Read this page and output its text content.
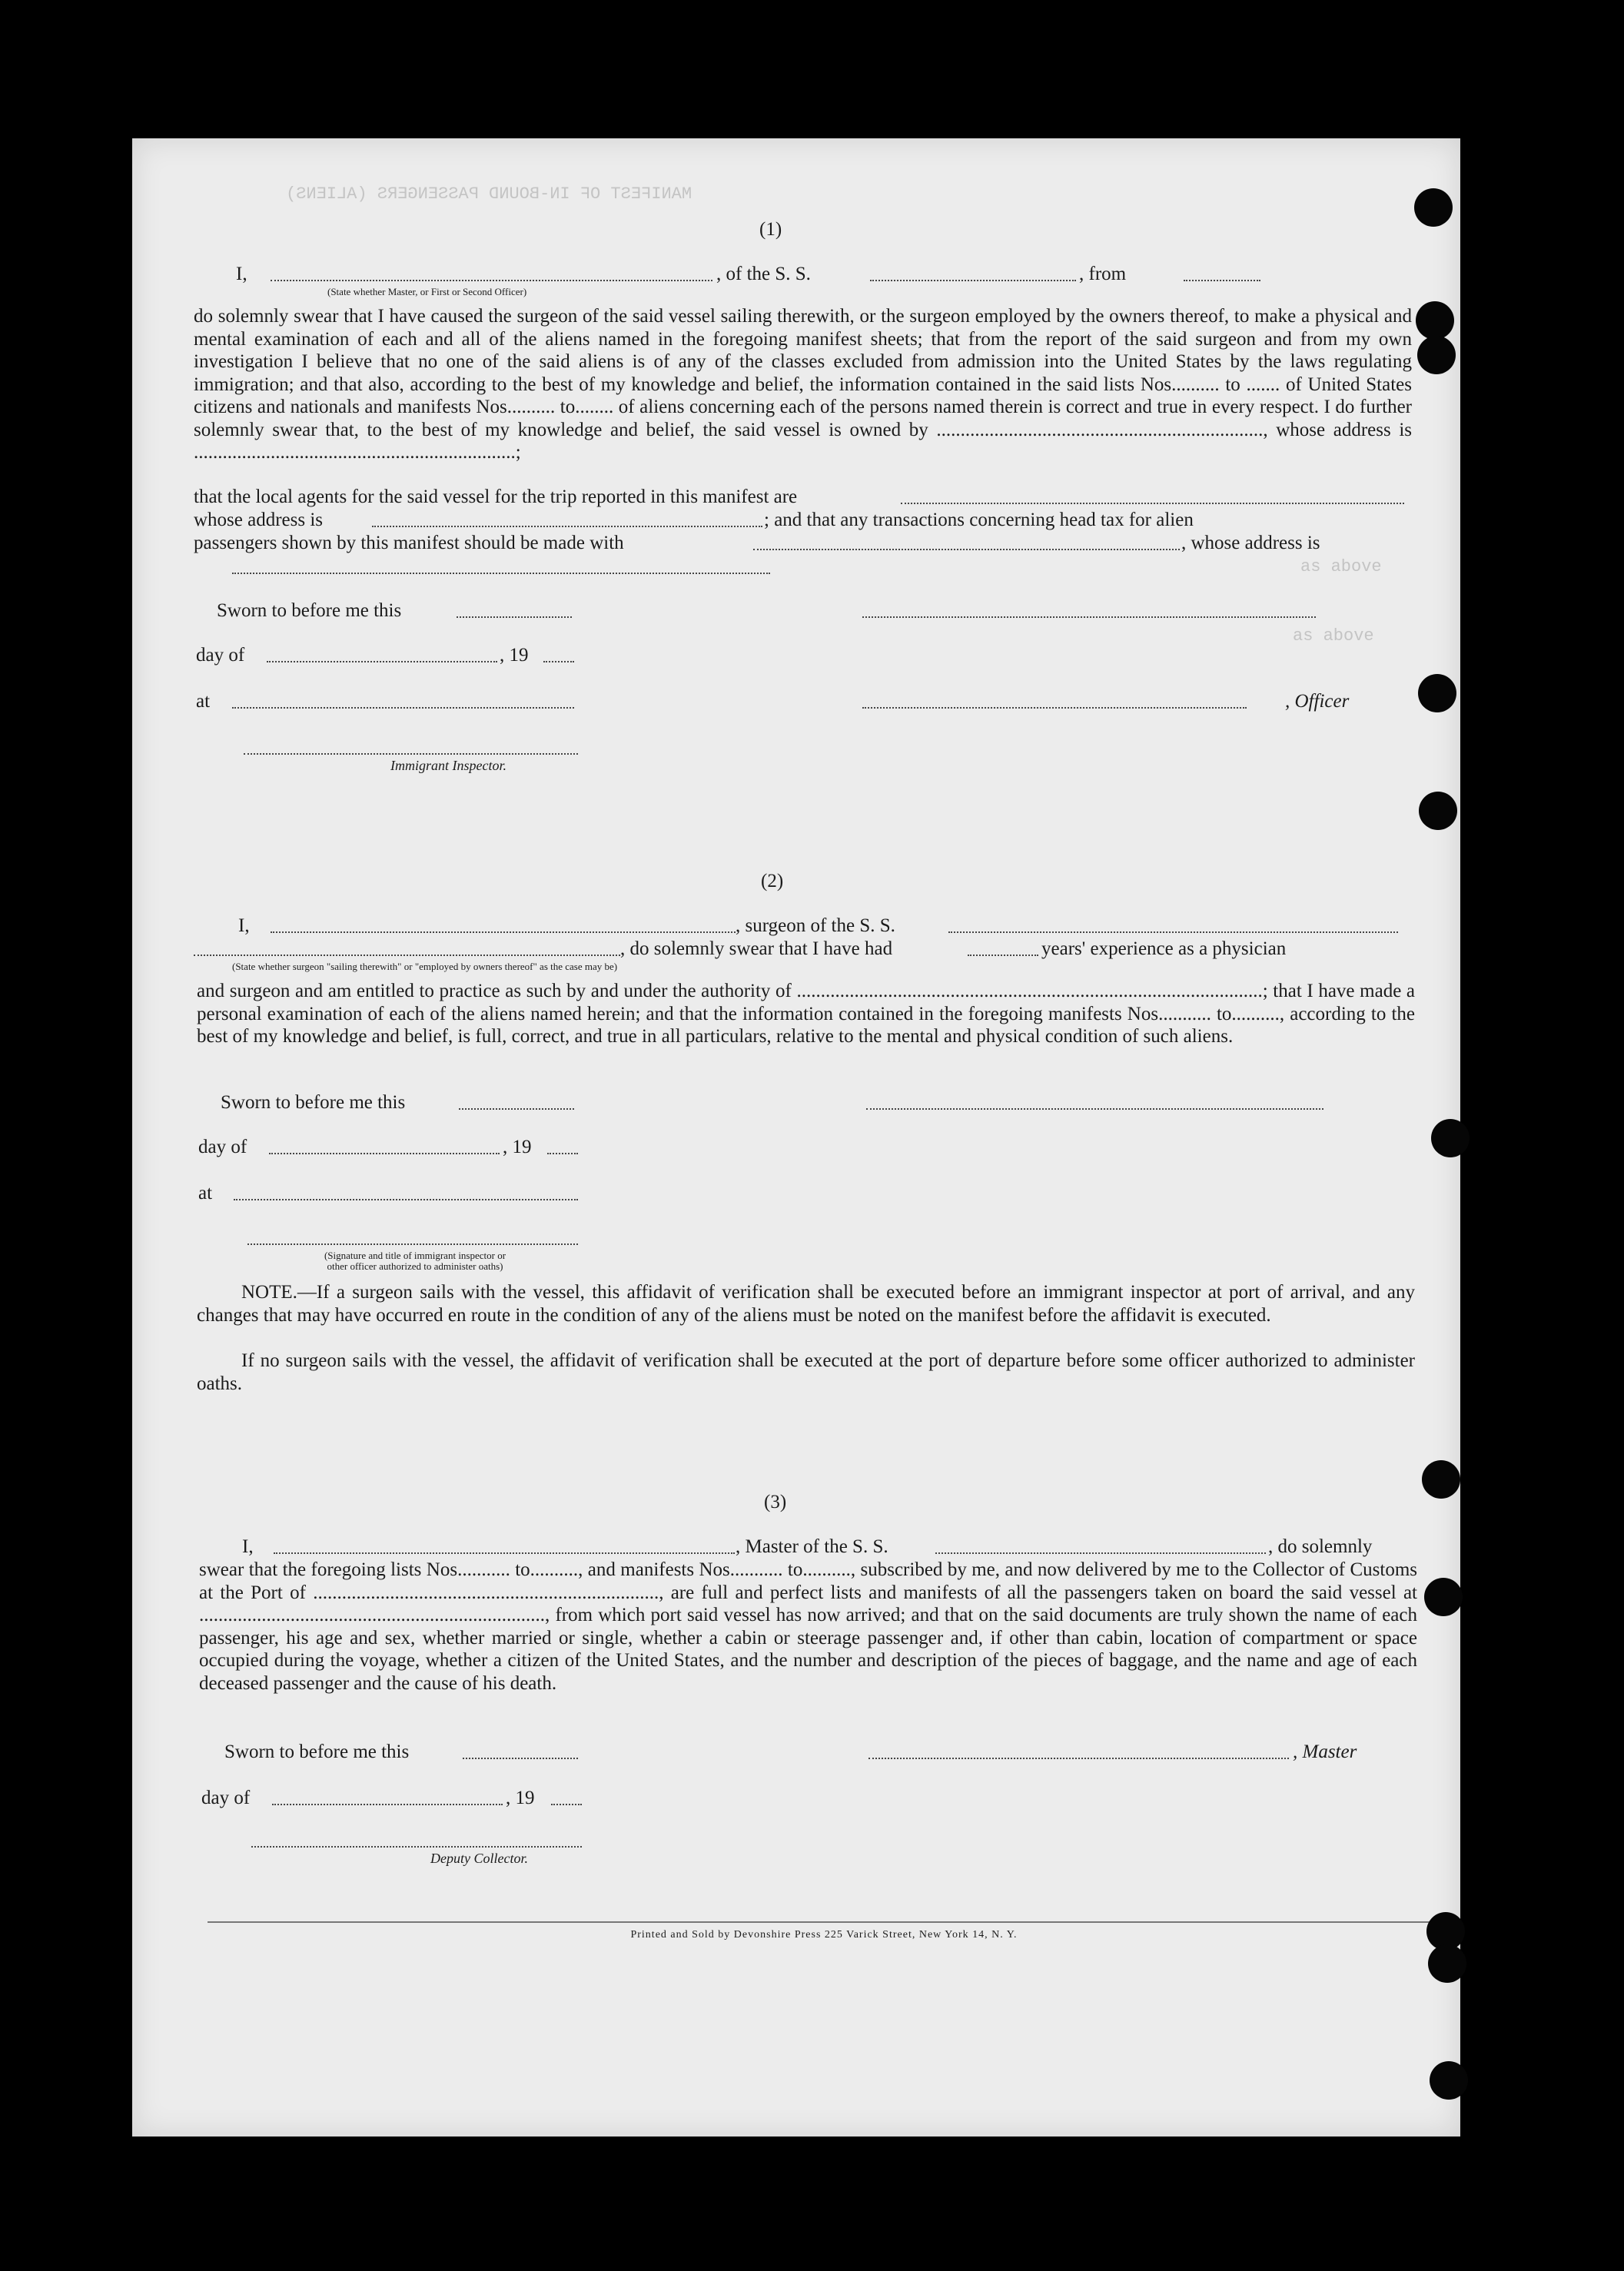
MANIFEST OF IN-BOUND PASSENGERS (ALIENS)
as above
as above
(1)
I,	, of the S. S.	, from
(State whether Master, or First or Second Officer)
do solemnly swear that I have caused the surgeon of the said vessel sailing therewith, or the surgeon employed by the owners thereof, to make a physical and mental examination of each and all of the aliens named in the foregoing manifest sheets; that from the report of the said surgeon and from my own investigation I believe that no one of the said aliens is of any of the classes excluded from admission into the United States by the laws regulating immigration; and that also, according to the best of my knowledge and belief, the information contained in the said lists Nos.......... to ....... of United States citizens and nationals and manifests Nos.......... to........ of aliens concerning each of the persons named therein is correct and true in every respect. I do further solemnly swear that, to the best of my knowledge and belief, the said vessel is owned by ...................................................................., whose address is ...................................................................;
that the local agents for the said vessel for the trip reported in this manifest are
whose address is	; and that any transactions concerning head tax for alien
passengers shown by this manifest should be made with	, whose address is
Sworn to before me this
day of	, 19
at	, Officer
Immigrant Inspector.
(2)
I,	, surgeon of the S. S.
, do solemnly swear that I have had	years' experience as a physician
(State whether surgeon "sailing therewith" or "employed by owners thereof" as the case may be)
and surgeon and am entitled to practice as such by and under the authority of .................................................................................................; that I have made a personal examination of each of the aliens named herein; and that the information contained in the foregoing manifests Nos........... to.........., according to the best of my knowledge and belief, is full, correct, and true in all particulars, relative to the mental and physical condition of such aliens.
Sworn to before me this
day of	, 19
at
(Signature and title of immigrant inspector or
other officer authorized to administer oaths)
NOTE.—If a surgeon sails with the vessel, this affidavit of verification shall be executed before an immigrant inspector at port of arrival, and any changes that may have occurred en route in the condition of any of the aliens must be noted on the manifest before the affidavit is executed.
If no surgeon sails with the vessel, the affidavit of verification shall be executed at the port of departure before some officer authorized to administer oaths.
(3)
I,	, Master of the S. S.	, do solemnly
swear that the foregoing lists Nos........... to.........., and manifests Nos........... to.........., subscribed by me, and now delivered by me to the Collector of Customs at the Port of ........................................................................, are full and perfect lists and manifests of all the passengers taken on board the said vessel at ........................................................................, from which port said vessel has now arrived; and that on the said documents are truly shown the name of each passenger, his age and sex, whether married or single, whether a cabin or steerage passenger and, if other than cabin, location of compartment or space occupied during the voyage, whether a citizen of the United States, and the number and description of the pieces of baggage, and the name and age of each deceased passenger and the cause of his death.
Sworn to before me this	, Master
day of	, 19
Deputy Collector.
Printed and Sold by Devonshire Press 225 Varick Street, New York 14, N. Y.
